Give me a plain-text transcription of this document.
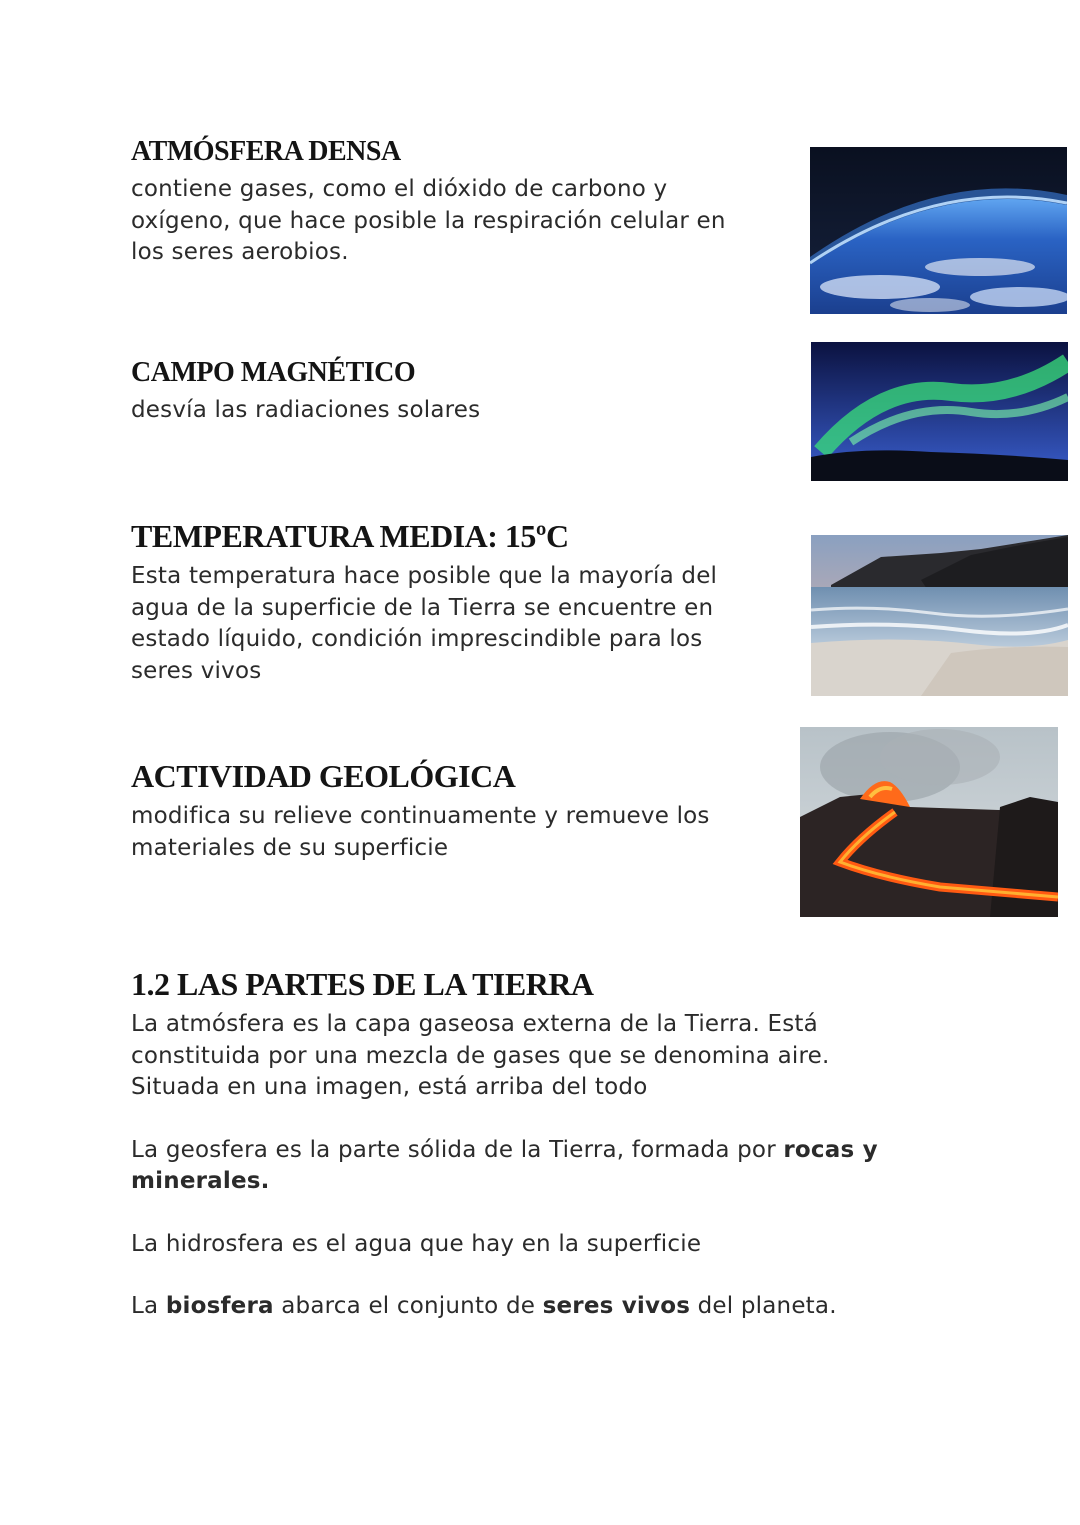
ATMÓSFERA DENSA

contiene gases, como el dióxido de carbono y
oxígeno, que hace posible la respiración celular en
los seres aerobios.

CAMPO MAGNÉTICO

desvía las radiaciones solares

TEMPERATURA MEDIA: 15ºC

Esta temperatura hace posible que la mayoría del
agua de la superficie de la Tierra se encuentre en
estado líquido, condición imprescindible para los
seres vivos

ACTIVIDAD GEOLÓGICA

modifica su relieve continuamente y remueve los
materiales de su superficie

1.2 LAS PARTES DE LA TIERRA

La atmósfera es la capa gaseosa externa de la Tierra. Está
constituida por una mezcla de gases que se denomina aire.
Situada en una imagen, está arriba del todo

La geosfera es la parte sólida de la Tierra, formada por rocas y
minerales.

La hidrosfera es el agua que hay en la superficie

La biosfera abarca el conjunto de seres vivos del planeta.
